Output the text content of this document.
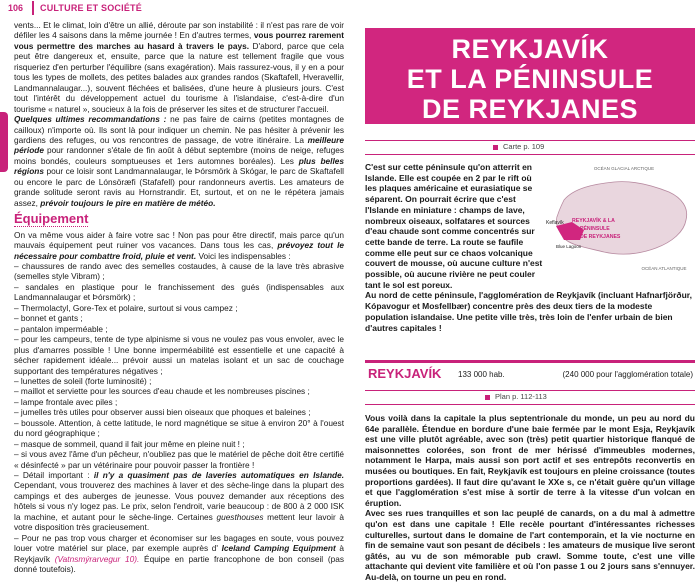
106 CULTURE ET SOCIÉTÉ

vents... Et le climat, loin d'être un allié, déroute par son instabilité : il n'est pas rare de voir défiler les 4 saisons dans la même journée ! En d'autres termes, vous pourrez rarement vous permettre des marches au hasard à travers le pays. D'abord, parce que cela peut être dangereux et, ensuite, parce que la nature est tellement fragile que vous risqueriez d'en perturber l'équilibre (sans exagération). Mais rassurez-vous, il y en a pour tous les types de mollets, des petites balades aux grandes randos (Skaftafell, Hveravellir, Landmannalaugar...), souvent fléchées et balisées, d'une heure à plusieurs jours. C'est tout l'intérêt du développement actuel du tourisme à l'islandaise, c'est-à-dire d'un tourisme « naturel », soucieux à la fois de préserver les sites et de structurer l'accueil.

Quelques ultimes recommandations : ne pas faire de cairns (petites montagnes de cailloux) n'importe où. Ils sont là pour indiquer un chemin. Ne pas hésiter à prévenir les gardiens des refuges, ou vos rencontres de passage, de votre itinéraire. La meilleure période pour randonner s'étale de fin août à début septembre (moins de neige, refuges moins bondés, couleurs somptueuses et 1ers automnes boréales). Les plus belles régions pour ce loisir sont Landmannalaugar, le Þórsmörk à Skógar, le parc de Skaftafell ou encore le parc de Lónsöræfi (Stafafell) pour randonneurs avertis. Les amateurs de grande solitude seront ravis au Hornstrandir. Et, surtout, et on ne le répétera jamais assez, prévoir toujours le pire en matière de météo.

Équipement

On va même vous aider à faire votre sac ! Non pas pour être directif, mais parce qu'un mauvais équipement peut ruiner vos vacances. Dans tous les cas, prévoyez tout le nécessaire pour combattre froid, pluie et vent. Voici les indispensables :

– chaussures de rando avec des semelles costaudes, à cause de la lave très abrasive (semelles style Vibram) ;

– sandales en plastique pour le franchissement des gués (indispensables aux Landmannalaugar et Þórsmörk) ;

– Thermolactyl, Gore-Tex et polaire, surtout si vous campez ;

– bonnet et gants ;

– pantalon imperméable ;

– pour les campeurs, tente de type alpinisme si vous ne voulez pas vous envoler, avec le plus d'amarres possible ! Une bonne imperméabilité est essentielle et une capacité à sécher rapidement idéale... prévoir aussi un matelas isolant et un sac de couchage supportant des températures négatives ;

– lunettes de soleil (forte luminosité) ;

– maillot et serviette pour les sources d'eau chaude et les nombreuses piscines ;

– lampe frontale avec piles ;

– jumelles très utiles pour observer aussi bien oiseaux que phoques et baleines ;

– boussole. Attention, à cette latitude, le nord magnétique se situe à environ 20° à l'ouest du nord géographique ;

– masque de sommeil, quand il fait jour même en pleine nuit ! ;

– si vous avez l'âme d'un pêcheur, n'oubliez pas que le matériel de pêche doit être certifié « désinfecté » par un vétérinaire pour pouvoir passer la frontière !

– Détail important : il n'y a quasiment pas de laveries automatiques en Islande. Cependant, vous trouverez des machines à laver et des sèche-linge dans la plupart des campings et des auberges de jeunesse. Vous pouvez demander aux réceptions des hôtels si vous n'y logez pas. Le prix, selon l'endroit, varie beaucoup : de 800 à 2 000 ISK la machine, et autant pour le sèche-linge. Certaines guesthouses mettent leur lavoir à votre disposition très gracieusement.

– Pour ne pas trop vous charger et économiser sur les bagages en soute, vous pouvez louer votre matériel sur place, par exemple auprès d' Iceland Camping Equipment à Reykjavík (Vatnsmýrarvegur 10). Équipe en partie francophone de bon conseil (pas donné toutefois).

REYKJAVÍK
ET LA PÉNINSULE
DE REYKJANES
Carte p. 109
OCÉAN GLACIAL ARCTIQUE
Keflavík
Blue Lagoon
REYKJAVÍK & LA
PÉNINSULE
DE REYKJANES
OCÉAN ATLANTIQUE

C'est sur cette péninsule qu'on atterrit en Islande. Elle est coupée en 2 par le rift où les plaques américaine et eurasiatique se séparent. On pourrait écrire que c'est l'Islande en miniature : champs de lave, nombreux oiseaux, solfatares et sources d'eau chaude sont comme concentrés sur cette bande de terre. La route se faufile comme elle peut sur ce chaos volcanique couvert de mousse, où aucune culture n'est possible, où aucune rivière ne peut couler tant le sol est poreux.

Au nord de cette péninsule, l'agglomération de Reykjavík (incluant Hafnarfjörður, Kópavogur et Mosfellbær) concentre près des deux tiers de la modeste population islandaise. Une petite ville très, très loin de l'enfer urbain de bien d'autres capitales !

REYKJAVÍK 133 000 hab.	(240 000 pour l'agglomération totale)
Plan p. 112-113

Vous voilà dans la capitale la plus septentrionale du monde, un peu au nord du 64e parallèle. Étendue en bordure d'une baie fermée par le mont Esja, Reykjavík est une ville plutôt agréable, avec son (très) petit quartier historique flanqué de maisonnettes colorées, son front de mer hérissé d'immeubles modernes, notamment le Harpa, mais aussi son port actif et ses entrepôts reconvertis en musées ou boutiques. En fait, Reykjavík est toujours en pleine croissance (toutes proportions gardées). Il faut dire qu'avant le XXe s, ce n'était guère qu'un village et que l'agglomération s'est mise à sortir de terre à la vitesse d'un volcan en éruption.

Avec ses rues tranquilles et son lac peuplé de canards, on a du mal à admettre qu'on est dans une capitale ! Elle recèle pourtant d'intéressantes richesses culturelles, surtout dans le domaine de l'art contemporain, et la vie nocturne en fin de semaine vaut son pesant de décibels : les amateurs de musique live seront gâtés, au vu de son mémorable pub crawl. Somme toute, c'est une ville attachante qui devient vite familière et où l'on passe 1 ou 2 jours sans s'ennuyer. Au-delà, on tourne un peu en rond.
